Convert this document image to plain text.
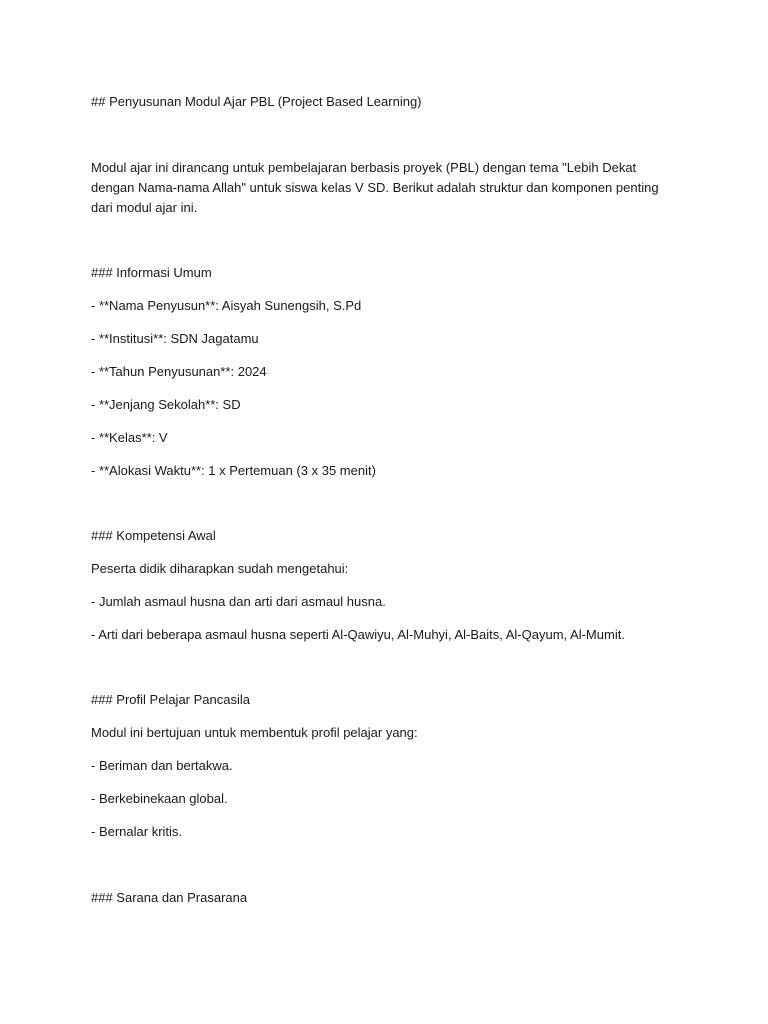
## Penyusunan Modul Ajar PBL (Project Based Learning)

Modul ajar ini dirancang untuk pembelajaran berbasis proyek (PBL) dengan tema "Lebih Dekat dengan Nama-nama Allah" untuk siswa kelas V SD. Berikut adalah struktur dan komponen penting dari modul ajar ini.

### Informasi Umum

- **Nama Penyusun**: Aisyah Sunengsih, S.Pd

- **Institusi**: SDN Jagatamu

- **Tahun Penyusunan**: 2024

- **Jenjang Sekolah**: SD

- **Kelas**: V

- **Alokasi Waktu**: 1 x Pertemuan (3 x 35 menit)

### Kompetensi Awal

Peserta didik diharapkan sudah mengetahui:

- Jumlah asmaul husna dan arti dari asmaul husna.

- Arti dari beberapa asmaul husna seperti Al-Qawiyu, Al-Muhyi, Al-Baits, Al-Qayum, Al-Mumit.

### Profil Pelajar Pancasila

Modul ini bertujuan untuk membentuk profil pelajar yang:

- Beriman dan bertakwa.

- Berkebinekaan global.

- Bernalar kritis.

### Sarana dan Prasarana
